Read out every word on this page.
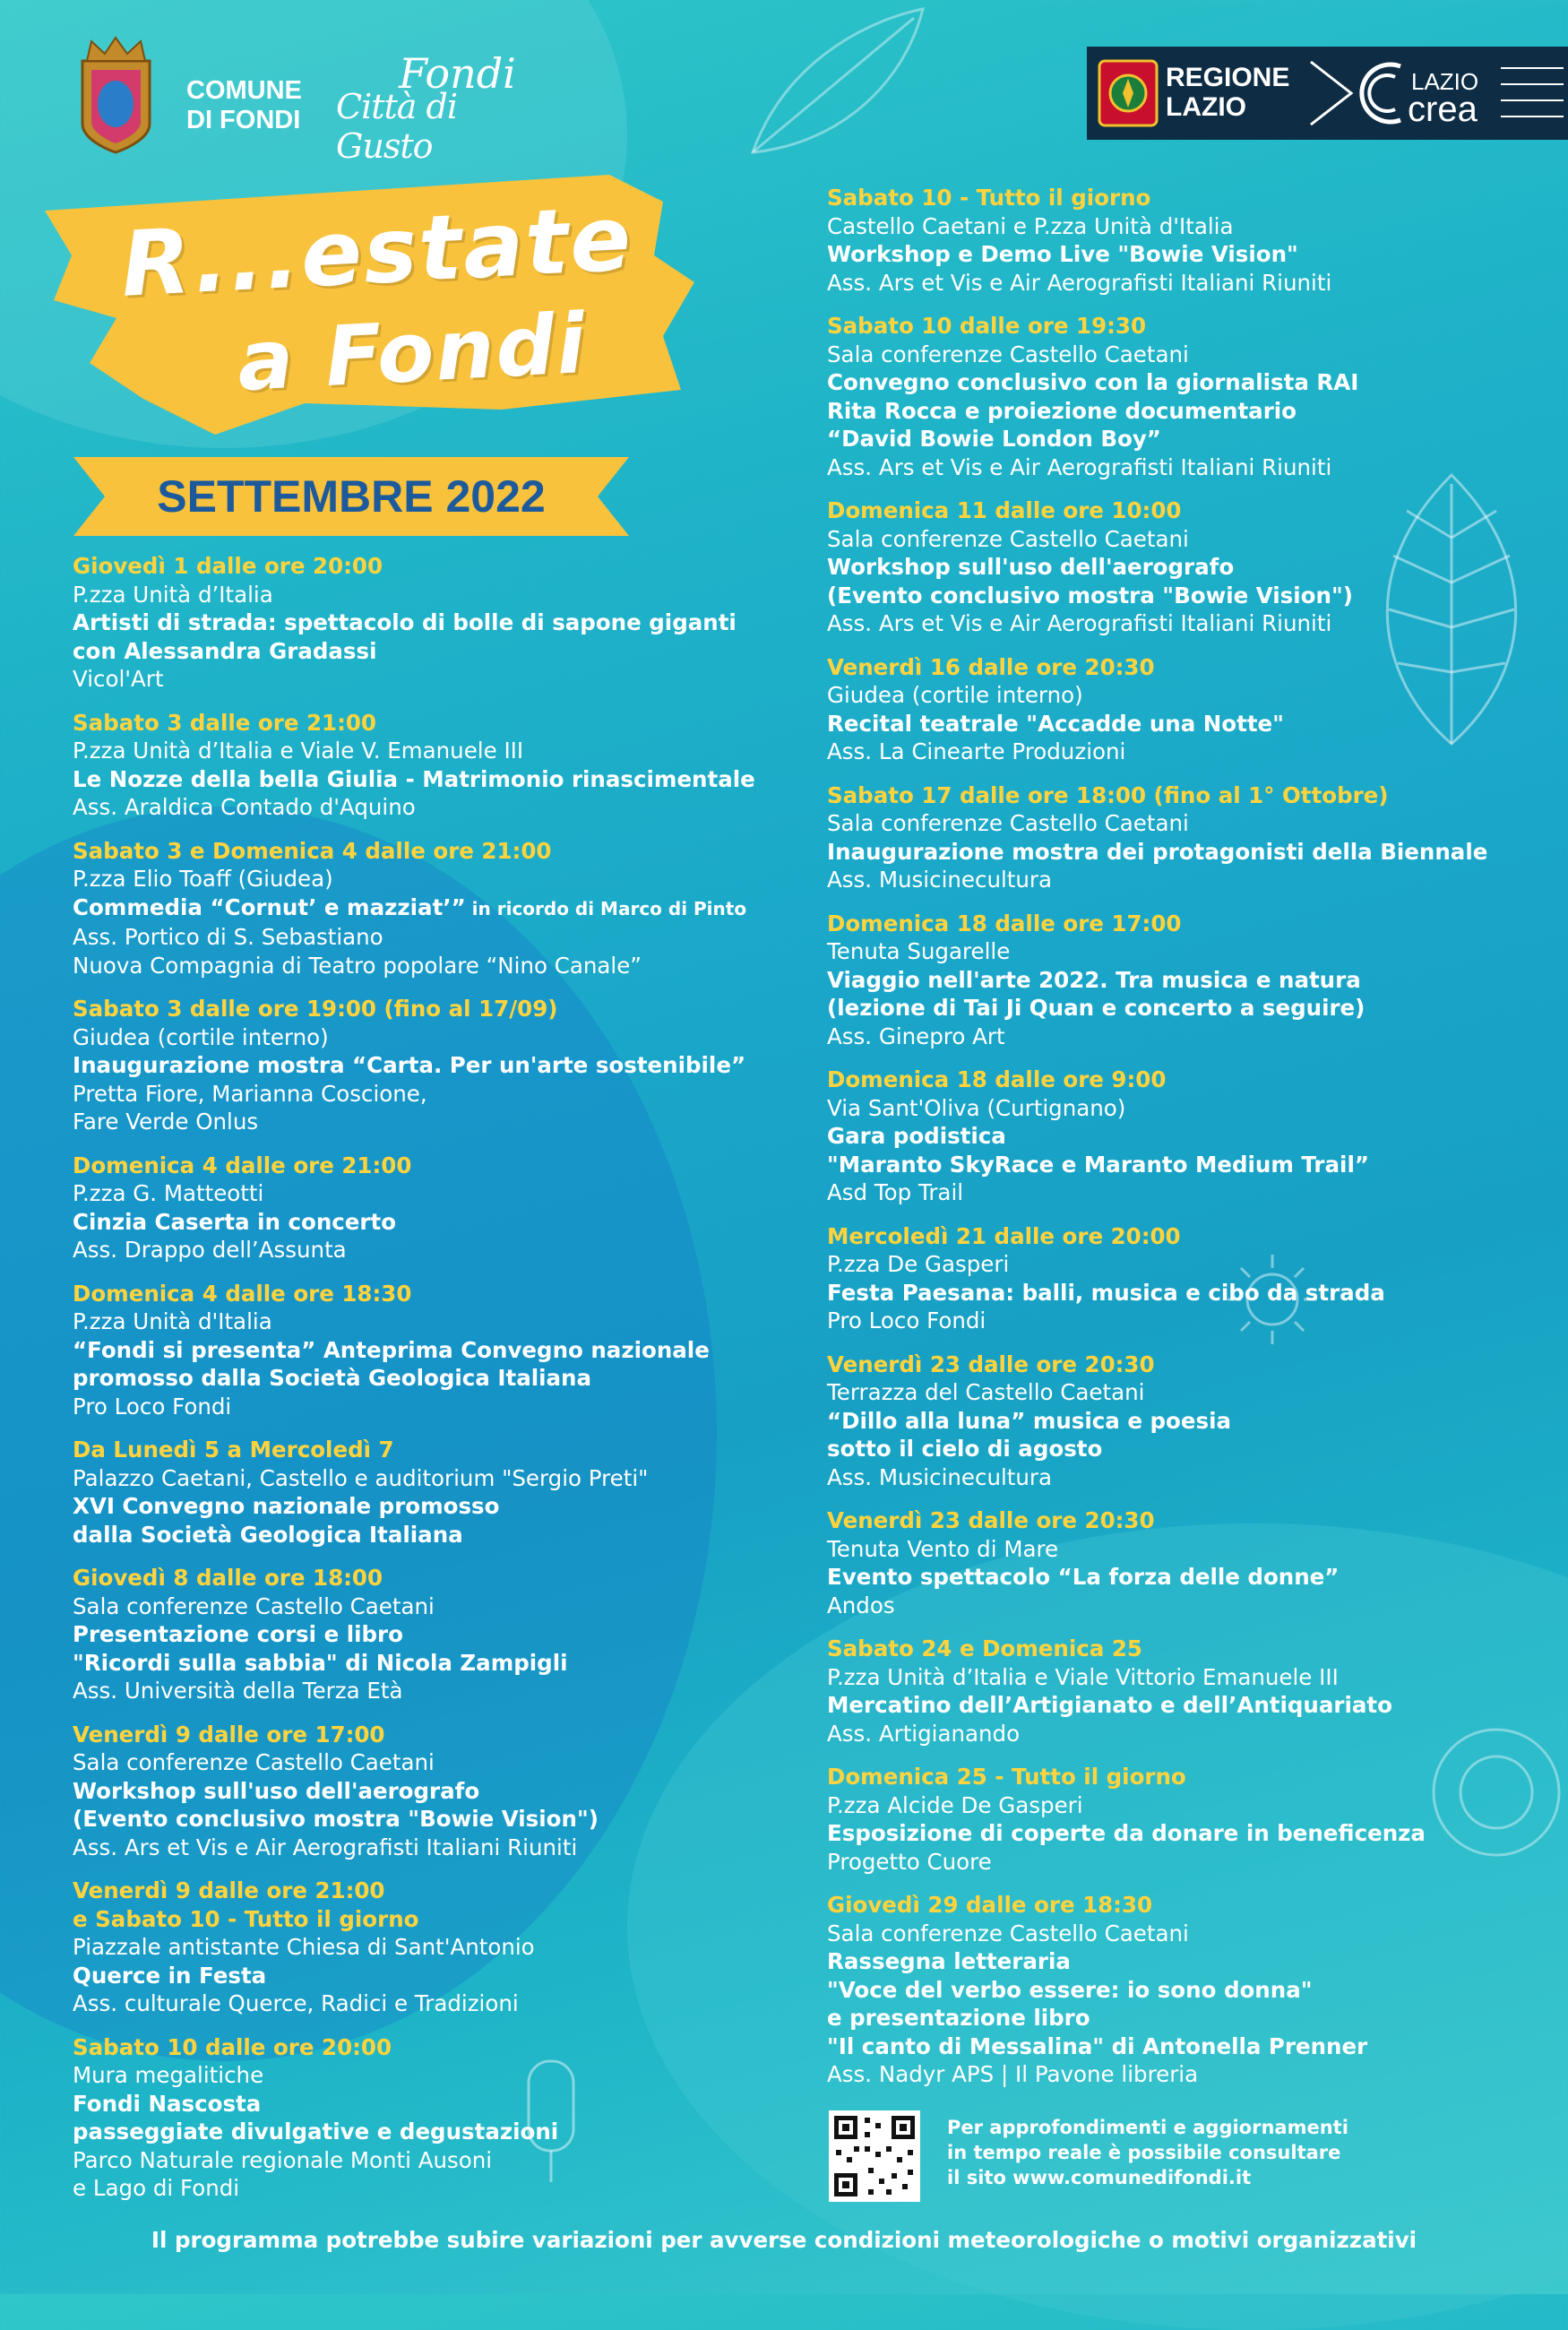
COMUNE
DI FONDI
Fondi
Città di Gusto
REGIONE
LAZIO
LAZIO
crea
R...estate
a Fondi
SETTEMBRE 2022
Giovedì 1 dalle ore 20:00
P.zza Unità d’Italia
Artisti di strada: spettacolo di bolle di sapone giganti
con Alessandra Gradassi
Vicol'Art
Sabato 3 dalle ore 21:00
P.zza Unità d’Italia e Viale V. Emanuele III
Le Nozze della bella Giulia - Matrimonio rinascimentale
Ass. Araldica Contado d'Aquino
Sabato 3 e Domenica 4 dalle ore 21:00
P.zza Elio Toaff (Giudea)
Commedia “Cornut’ e mazziat’” in ricordo di Marco di Pinto
Ass. Portico di S. Sebastiano
Nuova Compagnia di Teatro popolare “Nino Canale”
Sabato 3 dalle ore 19:00 (fino al 17/09)
Giudea (cortile interno)
Inaugurazione mostra “Carta. Per un'arte sostenibile”
Pretta Fiore, Marianna Coscione,
Fare Verde Onlus
Domenica 4 dalle ore 21:00
P.zza G. Matteotti
Cinzia Caserta in concerto
Ass. Drappo dell’Assunta
Domenica 4 dalle ore 18:30
P.zza Unità d'Italia
“Fondi si presenta” Anteprima Convegno nazionale
promosso dalla Società Geologica Italiana
Pro Loco Fondi
Da Lunedì 5 a Mercoledì 7
Palazzo Caetani, Castello e auditorium "Sergio Preti"
XVI Convegno nazionale promosso
dalla Società Geologica Italiana
Giovedì 8 dalle ore 18:00
Sala conferenze Castello Caetani
Presentazione corsi e libro
"Ricordi sulla sabbia" di Nicola Zampigli
Ass. Università della Terza Età
Venerdì 9 dalle ore 17:00
Sala conferenze Castello Caetani
Workshop sull'uso dell'aerografo
(Evento conclusivo mostra "Bowie Vision")
Ass. Ars et Vis e Air Aerografisti Italiani Riuniti
Venerdì 9 dalle ore 21:00
e Sabato 10 - Tutto il giorno
Piazzale antistante Chiesa di Sant'Antonio
Querce in Festa
Ass. culturale Querce, Radici e Tradizioni
Sabato 10 dalle ore 20:00
Mura megalitiche
Fondi Nascosta
passeggiate divulgative e degustazioni
Parco Naturale regionale Monti Ausoni
e Lago di Fondi
Sabato 10 - Tutto il giorno
Castello Caetani e P.zza Unità d'Italia
Workshop e Demo Live "Bowie Vision"
Ass. Ars et Vis e Air Aerografisti Italiani Riuniti
Sabato 10 dalle ore 19:30
Sala conferenze Castello Caetani
Convegno conclusivo con la giornalista RAI
Rita Rocca e proiezione documentario
“David Bowie London Boy”
Ass. Ars et Vis e Air Aerografisti Italiani Riuniti
Domenica 11 dalle ore 10:00
Sala conferenze Castello Caetani
Workshop sull'uso dell'aerografo
(Evento conclusivo mostra "Bowie Vision")
Ass. Ars et Vis e Air Aerografisti Italiani Riuniti
Venerdì 16 dalle ore 20:30
Giudea (cortile interno)
Recital teatrale "Accadde una Notte"
Ass. La Cinearte Produzioni
Sabato 17 dalle ore 18:00 (fino al 1° Ottobre)
Sala conferenze Castello Caetani
Inaugurazione mostra dei protagonisti della Biennale
Ass. Musicinecultura
Domenica 18 dalle ore 17:00
Tenuta Sugarelle
Viaggio nell'arte 2022. Tra musica e natura
(lezione di Tai Ji Quan e concerto a seguire)
Ass. Ginepro Art
Domenica 18 dalle ore 9:00
Via Sant'Oliva (Curtignano)
Gara podistica
"Maranto SkyRace e Maranto Medium Trail”
Asd Top Trail
Mercoledì 21 dalle ore 20:00
P.zza De Gasperi
Festa Paesana: balli, musica e cibo da strada
Pro Loco Fondi
Venerdì 23 dalle ore 20:30
Terrazza del Castello Caetani
“Dillo alla luna” musica e poesia
sotto il cielo di agosto
Ass. Musicinecultura
Venerdì 23 dalle ore 20:30
Tenuta Vento di Mare
Evento spettacolo “La forza delle donne”
Andos
Sabato 24 e Domenica 25
P.zza Unità d’Italia e Viale Vittorio Emanuele III
Mercatino dell’Artigianato e dell’Antiquariato
Ass. Artigianando
Domenica 25 - Tutto il giorno
P.zza Alcide De Gasperi
Esposizione di coperte da donare in beneficenza
Progetto Cuore
Giovedì 29 dalle ore 18:30
Sala conferenze Castello Caetani
Rassegna letteraria
"Voce del verbo essere: io sono donna"
e presentazione libro
"Il canto di Messalina" di Antonella Prenner
Ass. Nadyr APS | Il Pavone libreria
Per approfondimenti e aggiornamenti
in tempo reale è possibile consultare
il sito www.comunedifondi.it
Il programma potrebbe subire variazioni per avverse condizioni meteorologiche o motivi organizzativi
